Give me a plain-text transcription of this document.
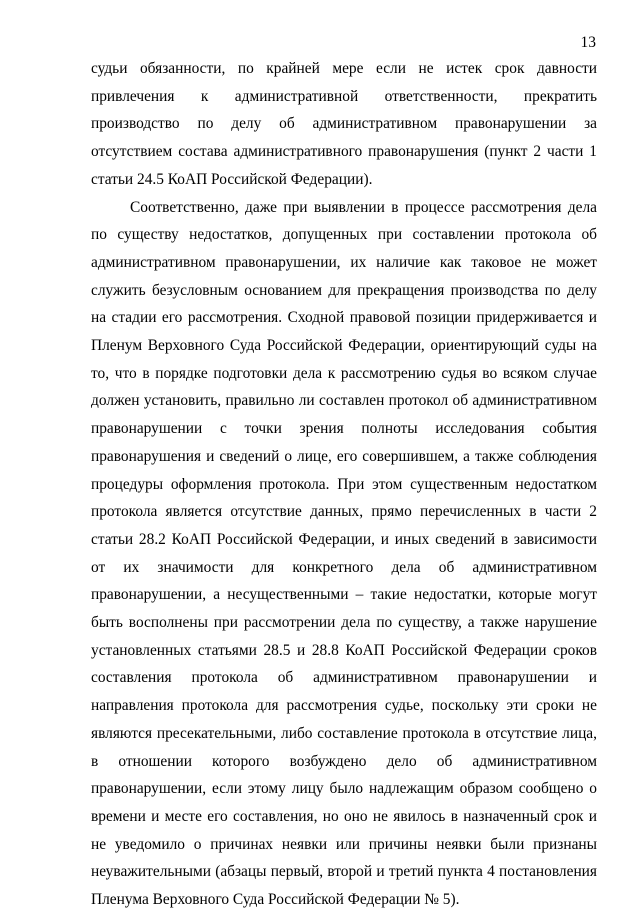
13

судьи обязанности, по крайней мере если не истек срок давности привлечения к административной ответственности, прекратить производство по делу об административном правонарушении за отсутствием состава административного правонарушения (пункт 2 части 1 статьи 24.5 КоАП Российской Федерации).

Соответственно, даже при выявлении в процессе рассмотрения дела по существу недостатков, допущенных при составлении протокола об административном правонарушении, их наличие как таковое не может служить безусловным основанием для прекращения производства по делу на стадии его рассмотрения. Сходной правовой позиции придерживается и Пленум Верховного Суда Российской Федерации, ориентирующий суды на то, что в порядке подготовки дела к рассмотрению судья во всяком случае должен установить, правильно ли составлен протокол об административном правонарушении с точки зрения полноты исследования события правонарушения и сведений о лице, его совершившем, а также соблюдения процедуры оформления протокола. При этом существенным недостатком протокола является отсутствие данных, прямо перечисленных в части 2 статьи 28.2 КоАП Российской Федерации, и иных сведений в зависимости от их значимости для конкретного дела об административном правонарушении, а несущественными – такие недостатки, которые могут быть восполнены при рассмотрении дела по существу, а также нарушение установленных статьями 28.5 и 28.8 КоАП Российской Федерации сроков составления протокола об административном правонарушении и направления протокола для рассмотрения судье, поскольку эти сроки не являются пресекательными, либо составление протокола в отсутствие лица, в отношении которого возбуждено дело об административном правонарушении, если этому лицу было надлежащим образом сообщено о времени и месте его составления, но оно не явилось в назначенный срок и не уведомило о причинах неявки или причины неявки были признаны неуважительными (абзацы первый, второй и третий пункта 4 постановления Пленума Верховного Суда Российской Федерации № 5).
